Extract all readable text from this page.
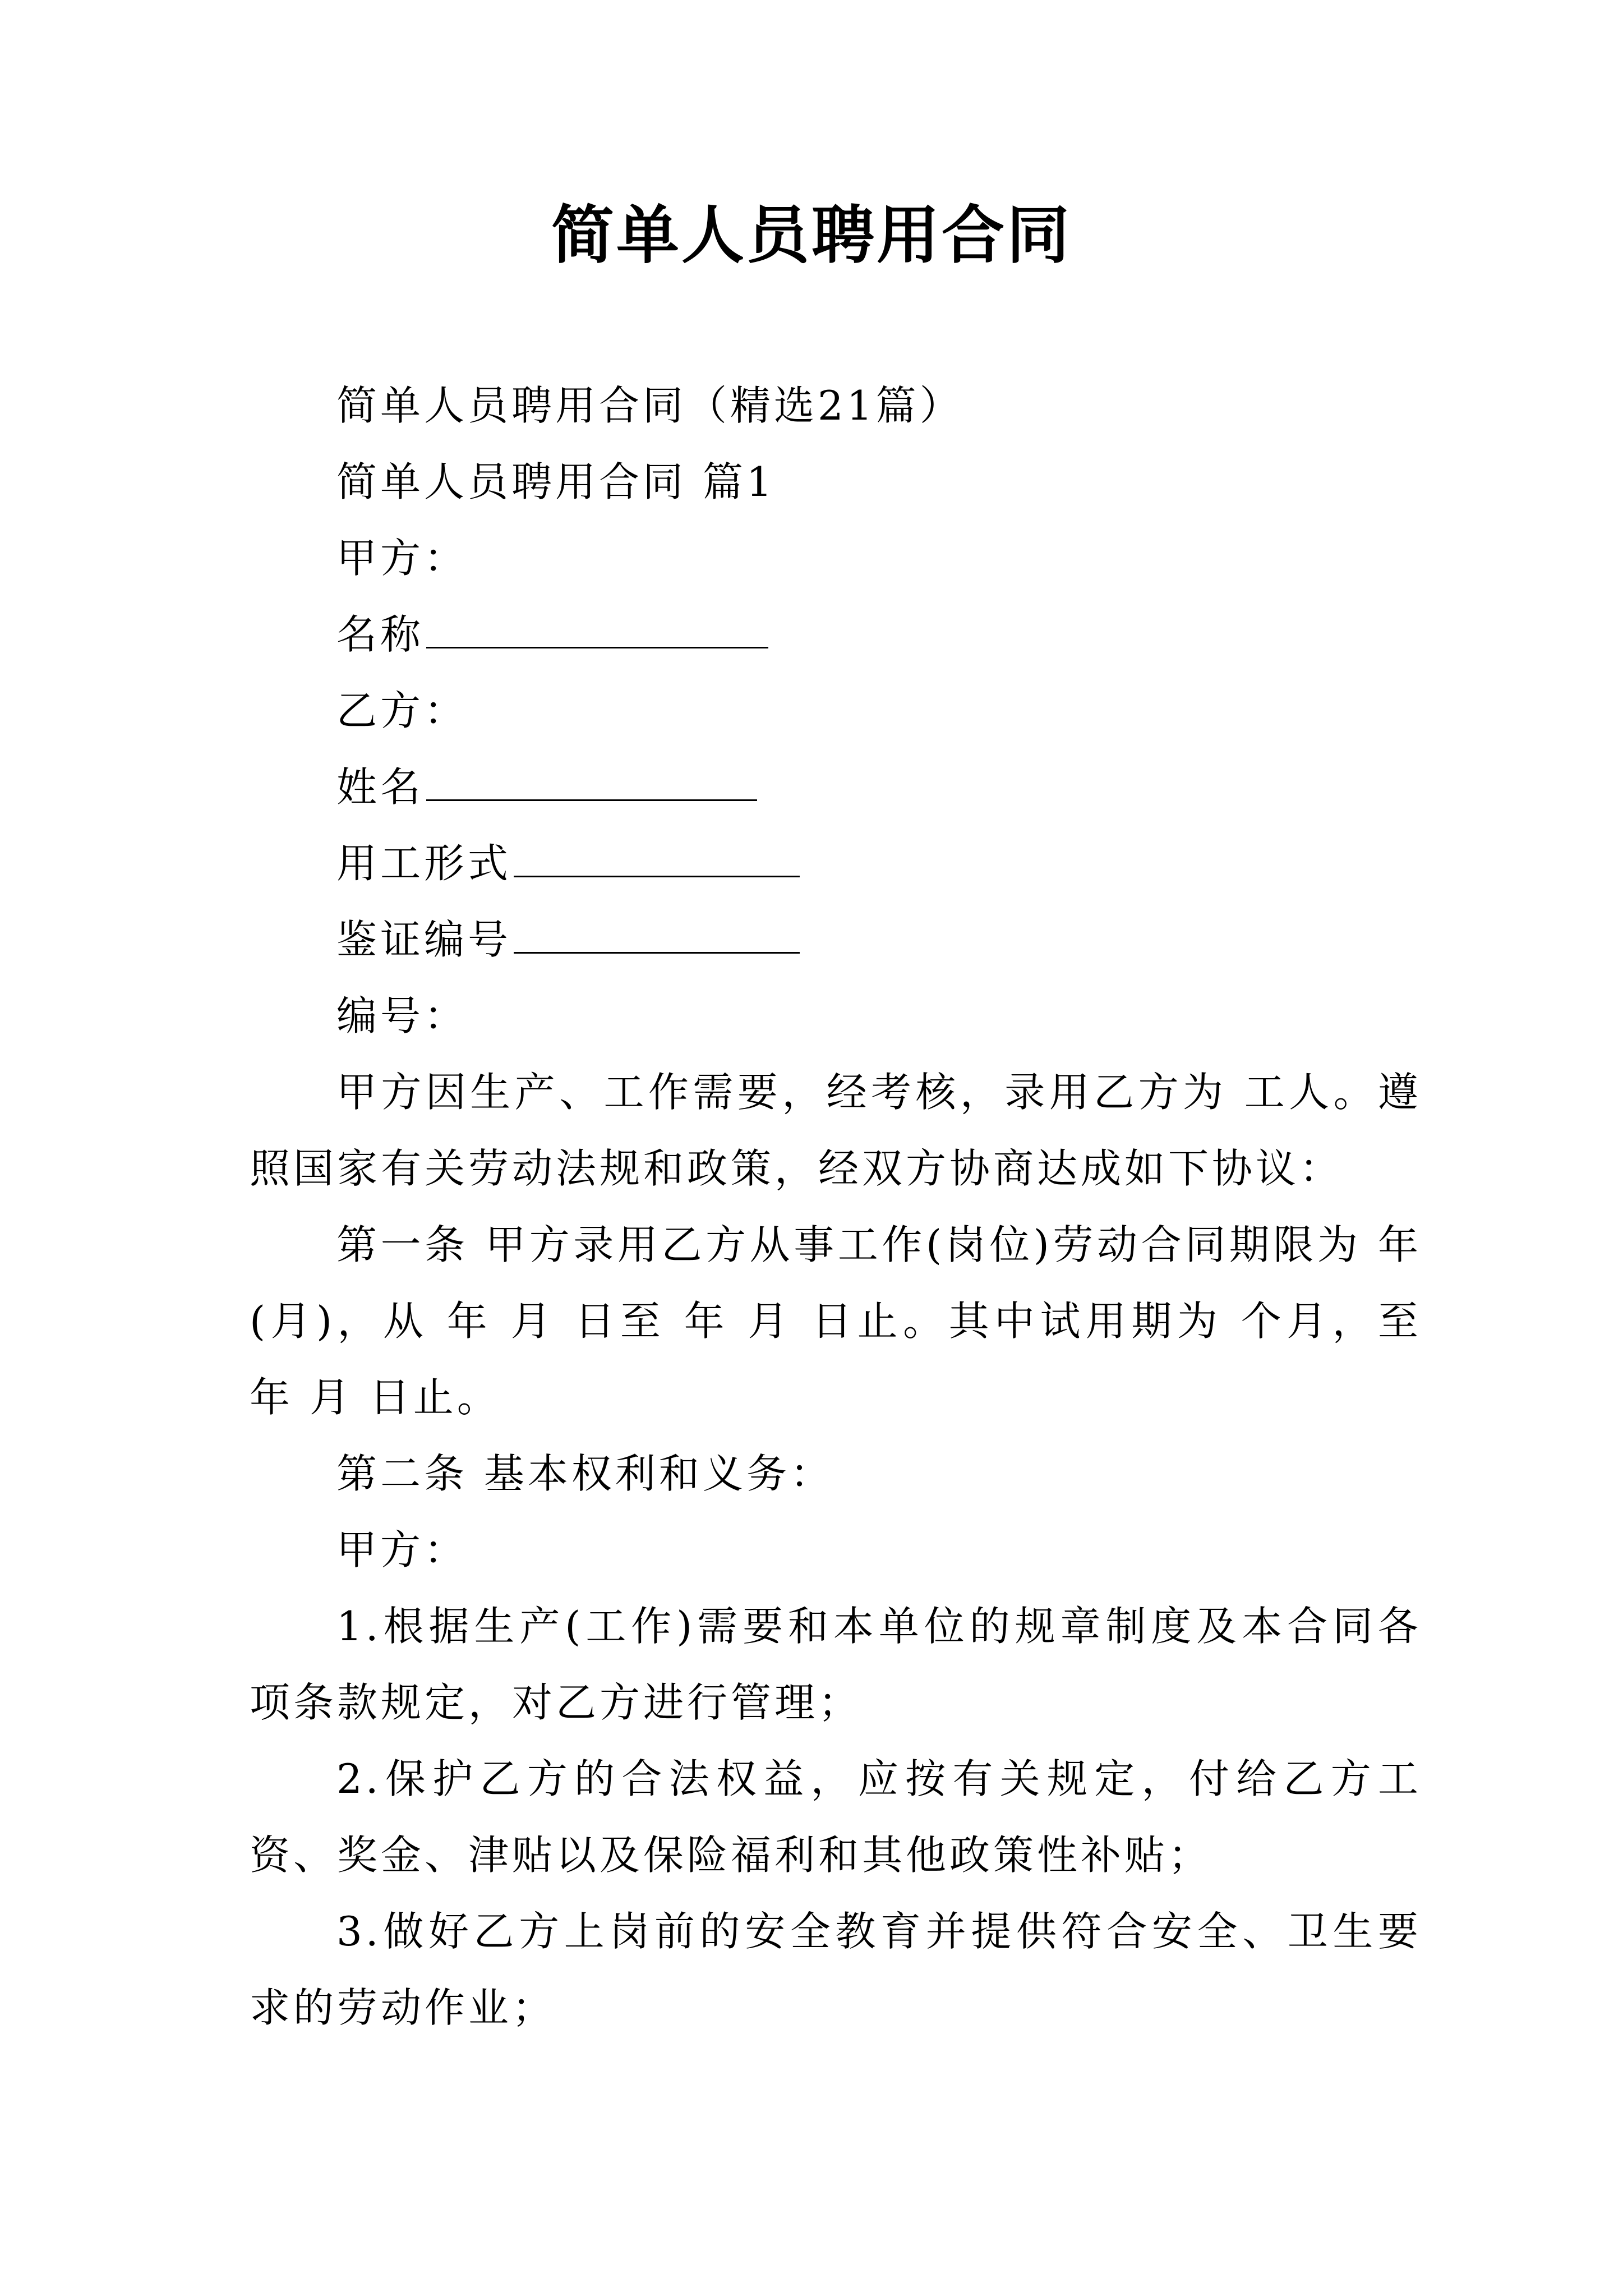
简单人员聘用合同
简单人员聘用合同（精选21篇）
简单人员聘用合同 篇1
甲方：
名称
乙方：
姓名
用工形式
鉴证编号
编号：
甲方因生产、工作需要，经考核，录用乙方为 工人。遵照国家有关劳动法规和政策，经双方协商达成如下协议：
第一条 甲方录用乙方从事工作(岗位)劳动合同期限为 年(月)，从 年 月 日至 年 月 日止。其中试用期为 个月，至 年 月 日止。
第二条 基本权利和义务：
甲方：
1.根据生产(工作)需要和本单位的规章制度及本合同各项条款规定，对乙方进行管理；
2.保护乙方的合法权益，应按有关规定，付给乙方工资、奖金、津贴以及保险福利和其他政策性补贴；
3.做好乙方上岗前的安全教育并提供符合安全、卫生要求的劳动作业；
